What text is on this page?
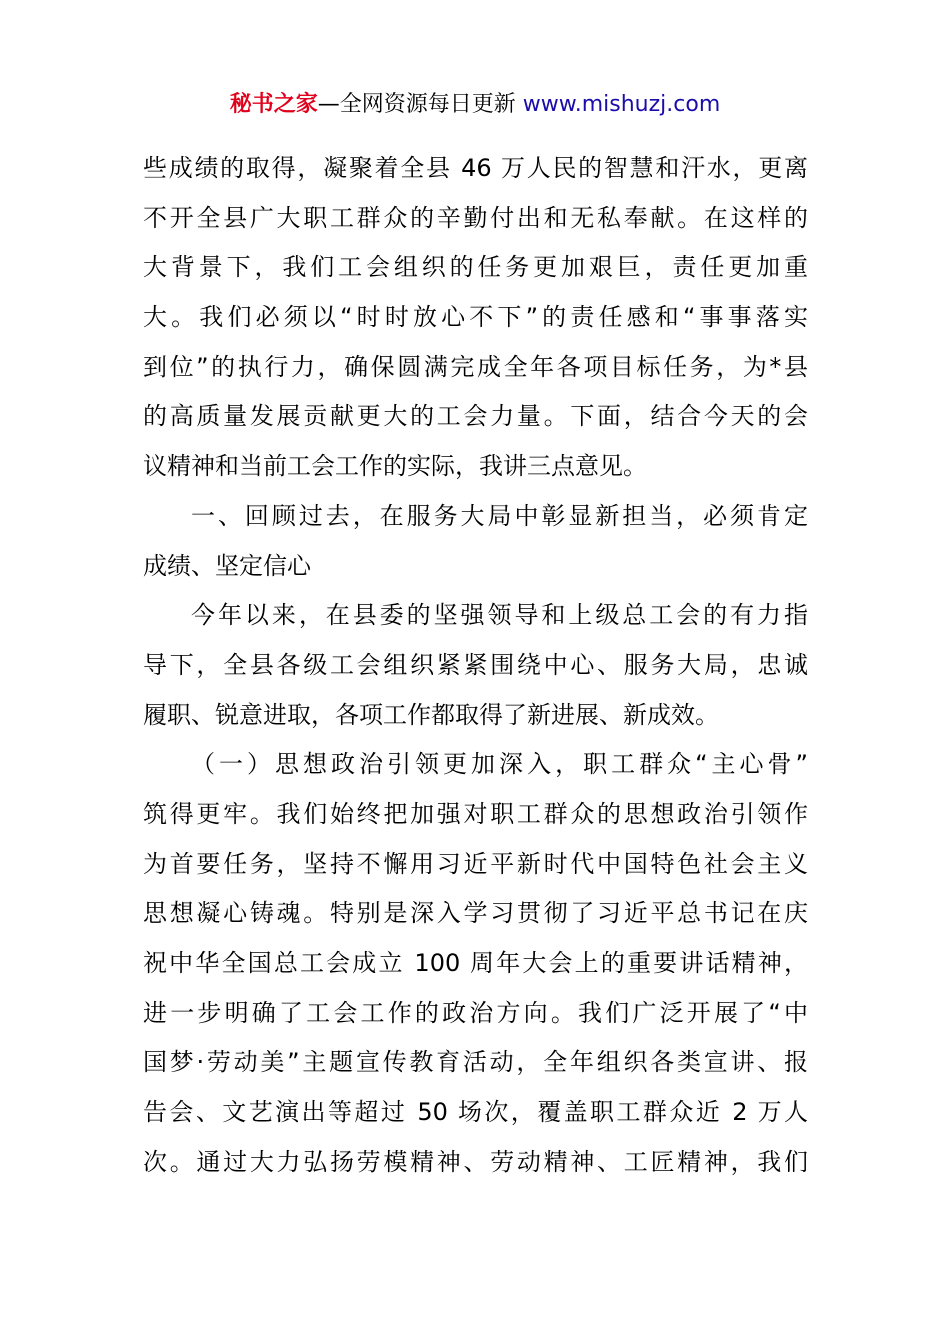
秘书之家—全网资源每日更新 www.mishuzj.com
些成绩的取得，凝聚着全县 46 万人民的智慧和汗水，更离
不开全县广大职工群众的辛勤付出和无私奉献。在这样的
大背景下，我们工会组织的任务更加艰巨，责任更加重
大。我们必须以“时时放心不下”的责任感和“事事落实
到位”的执行力，确保圆满完成全年各项目标任务，为*县
的高质量发展贡献更大的工会力量。下面，结合今天的会
议精神和当前工会工作的实际，我讲三点意见。
一、回顾过去，在服务大局中彰显新担当，必须肯定
成绩、坚定信心
今年以来，在县委的坚强领导和上级总工会的有力指
导下，全县各级工会组织紧紧围绕中心、服务大局，忠诚
履职、锐意进取，各项工作都取得了新进展、新成效。
（一）思想政治引领更加深入，职工群众“主心骨”
筑得更牢。我们始终把加强对职工群众的思想政治引领作
为首要任务，坚持不懈用习近平新时代中国特色社会主义
思想凝心铸魂。特别是深入学习贯彻了习近平总书记在庆
祝中华全国总工会成立 100 周年大会上的重要讲话精神，
进一步明确了工会工作的政治方向。我们广泛开展了“中
国梦·劳动美”主题宣传教育活动，全年组织各类宣讲、报
告会、文艺演出等超过 50 场次，覆盖职工群众近 2 万人
次。通过大力弘扬劳模精神、劳动精神、工匠精神，我们
